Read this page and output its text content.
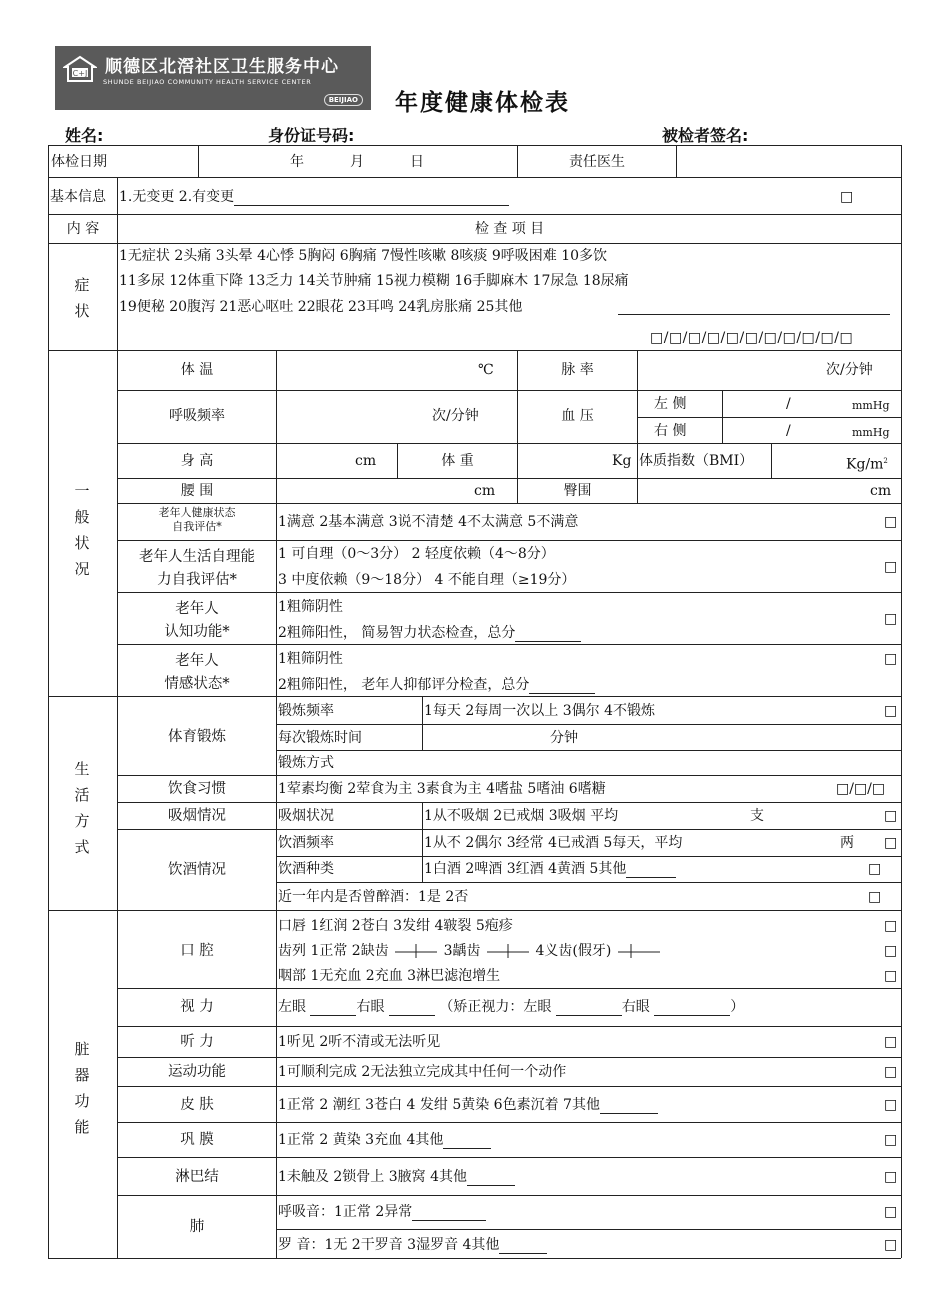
C+J 顺德区北滘社区卫生服务中心
SHUNDE BEIJIAO COMMUNITY HEALTH SERVICE CENTER
BEIJIAO 年度健康体检表
姓名:	身份证号码:	被检者签名:
体检日期	年	月	日	责任医生
基本信息 1.无变更 2.有变更	□
内 容	检 查 项 目
症
状
1无症状 2头痛 3头晕 4心悸 5胸闷 6胸痛 7慢性咳嗽 8咳痰 9呼吸困难 10多饮
11多尿 12体重下降 13乏力 14关节肿痛 15视力模糊 16手脚麻木 17尿急 18尿痛
19便秘 20腹泻 21恶心呕吐 22眼花 23耳鸣 24乳房胀痛 25其他
□/□/□/□/□/□/□/□/□/□/□
一
般
状
况
体 温	℃	脉 率	次/分钟
呼吸频率	次/分钟	血 压
左 侧	/	mmHg
右 侧	/	mmHg
身 高	cm	体 重	Kg 体质指数（BMI）	$Kg/m^2$
腰 围	cm	臀围	cm
老年人健康状态
自我评估*	1满意 2基本满意 3说不清楚 4不太满意 5不满意	□
老年人生活自理能
力自我评估*
1 可自理（0～3分） 2 轻度依赖（4～8分）
3 中度依赖（9～18分） 4 不能自理（≥19分）
□
老年人
认知功能*
1粗筛阴性
2粗筛阳性， 简易智力状态检查，总分
□
老年人
情感状态*
1粗筛阴性
2粗筛阳性， 老年人抑郁评分检查，总分
□
生
活
方
式
体育锻炼
锻炼频率	1每天 2每周一次以上 3偶尔 4不锻炼	□
每次锻炼时间	分钟
锻炼方式
饮食习惯	1荤素均衡 2荤食为主 3素食为主 4嗜盐 5嗜油 6嗜糖	□/□/□
吸烟情况	吸烟状况	1从不吸烟 2已戒烟 3吸烟 平均	支	□
饮酒情况
饮酒频率	1从不 2偶尔 3经常 4已戒酒 5每天，平均	两 □
饮酒种类	1白酒 2啤酒 3红酒 4黄酒 5其他	□
近一年内是否曾醉酒：1是 2否	□
脏
器
功
能
口 腔
口唇 1红润 2苍白 3发绀 4皲裂 5疱疹	□
齿列 1正常 2缺齿	3龋齿	4义齿(假牙)	□
咽部 1无充血 2充血 3淋巴滤泡增生	□
视 力	左眼	右眼	（矫正视力：左眼	右眼	）
听 力	1听见 2听不清或无法听见	□
运动功能	1可顺利完成 2无法独立完成其中任何一个动作	□
皮 肤	1正常 2 潮红 3苍白 4 发绀 5黄染 6色素沉着 7其他	□
巩 膜	1正常 2 黄染 3充血 4其他	□
淋巴结	1未触及 2锁骨上 3腋窝 4其他	□
肺
呼吸音：1正常 2异常	□
罗 音：1无 2干罗音 3湿罗音 4其他	□
